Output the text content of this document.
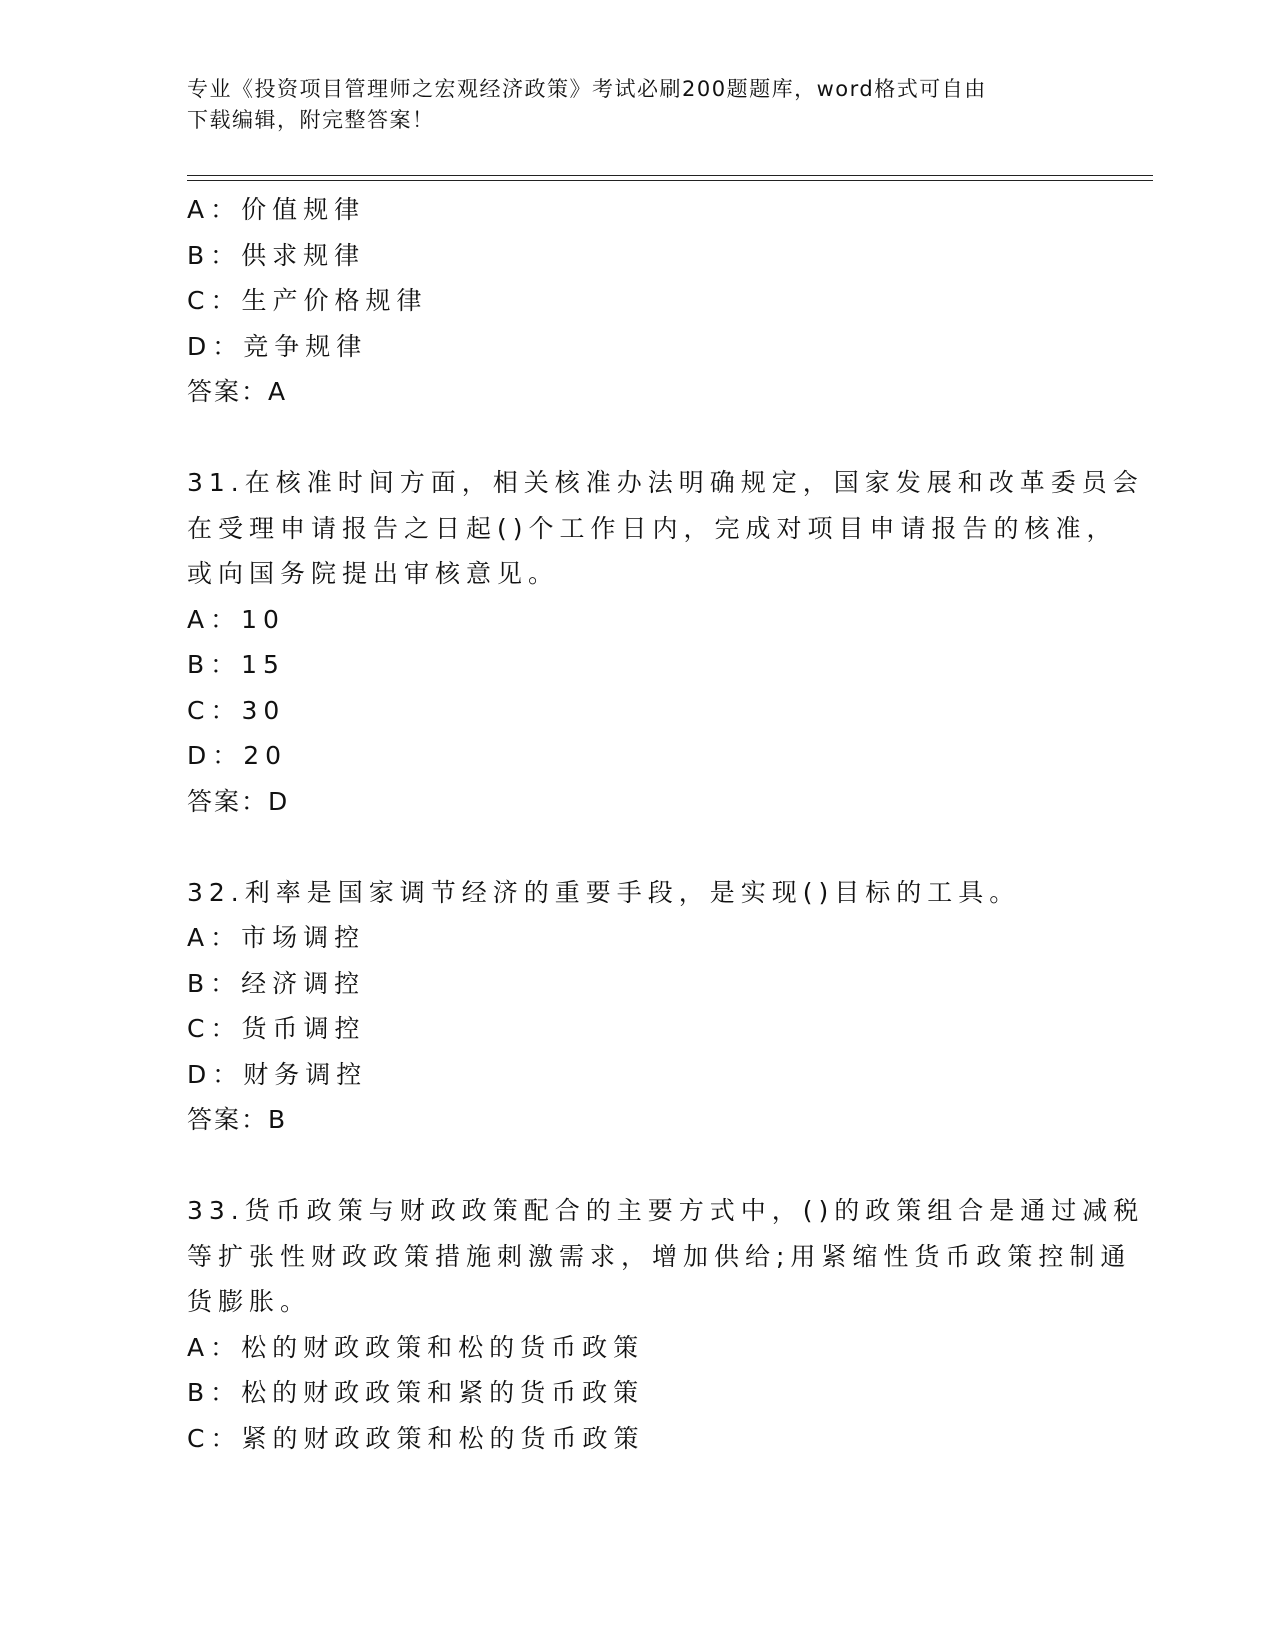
专业《投资项目管理师之宏观经济政策》考试必刷200题题库，word格式可自由
下载编辑，附完整答案！
A：价值规律
B：供求规律
C：生产价格规律
D：竞争规律
答案：A
31.在核准时间方面，相关核准办法明确规定，国家发展和改革委员会
在受理申请报告之日起()个工作日内，完成对项目申请报告的核准，
或向国务院提出审核意见。
A：10
B：15
C：30
D：20
答案：D
32.利率是国家调节经济的重要手段，是实现()目标的工具。
A：市场调控
B：经济调控
C：货币调控
D：财务调控
答案：B
33.货币政策与财政政策配合的主要方式中，()的政策组合是通过减税
等扩张性财政政策措施刺激需求，增加供给;用紧缩性货币政策控制通
货膨胀。
A：松的财政政策和松的货币政策
B：松的财政政策和紧的货币政策
C：紧的财政政策和松的货币政策
